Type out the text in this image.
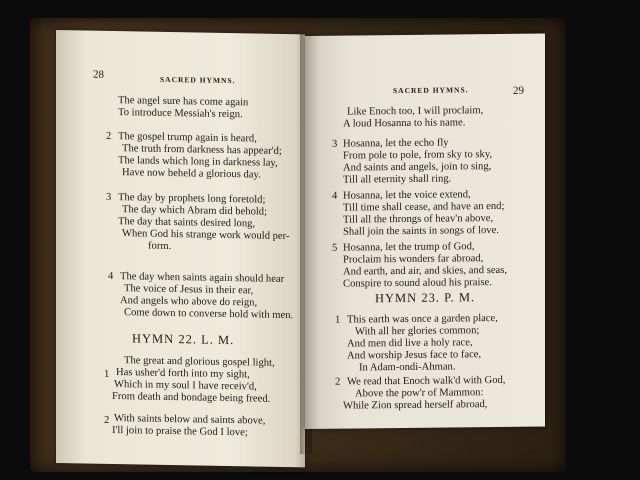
28	SACRED HYMNS.
The angel sure has come again
To introduce Messiah's reign.
2 The gospel trump again is heard,
The truth from darkness has appear'd;
The lands which long in darkness lay,
Have now beheld a glorious day.
3 The day by prophets long foretold;
The day which Abram did behold;
The day that saints desired long,
When God his strange work would per-
form.
4 The day when saints again should hear
The voice of Jesus in their ear,
And angels who above do reign,
Come down to converse hold with men.
HYMN 22. L. M.
The great and glorious gospel light,
1 Has usher'd forth into my sight,
Which in my soul I have receiv'd,
From death and bondage being freed.
2 With saints below and saints above,
I'll join to praise the God I love;
SACRED HYMNS.	29
Like Enoch too, I will proclaim,
A loud Hosanna to his name.
3 Hosanna, let the echo fly
From pole to pole, from sky to sky,
And saints and angels, join to sing,
Till all eternity shall ring.
4 Hosanna, let the voice extend,
Till time shall cease, and have an end;
Till all the throngs of heav'n above,
Shall join the saints in songs of love.
5 Hosanna, let the trump of God,
Proclaim his wonders far abroad,
And earth, and air, and skies, and seas,
Conspire to sound aloud his praise.
HYMN 23. P. M.
1 This earth was once a garden place,
With all her glories common;
And men did live a holy race,
And worship Jesus face to face,
In Adam-ondi-Ahman.
2 We read that Enoch walk'd with God,
Above the pow'r of Mammon:
While Zion spread herself abroad,
